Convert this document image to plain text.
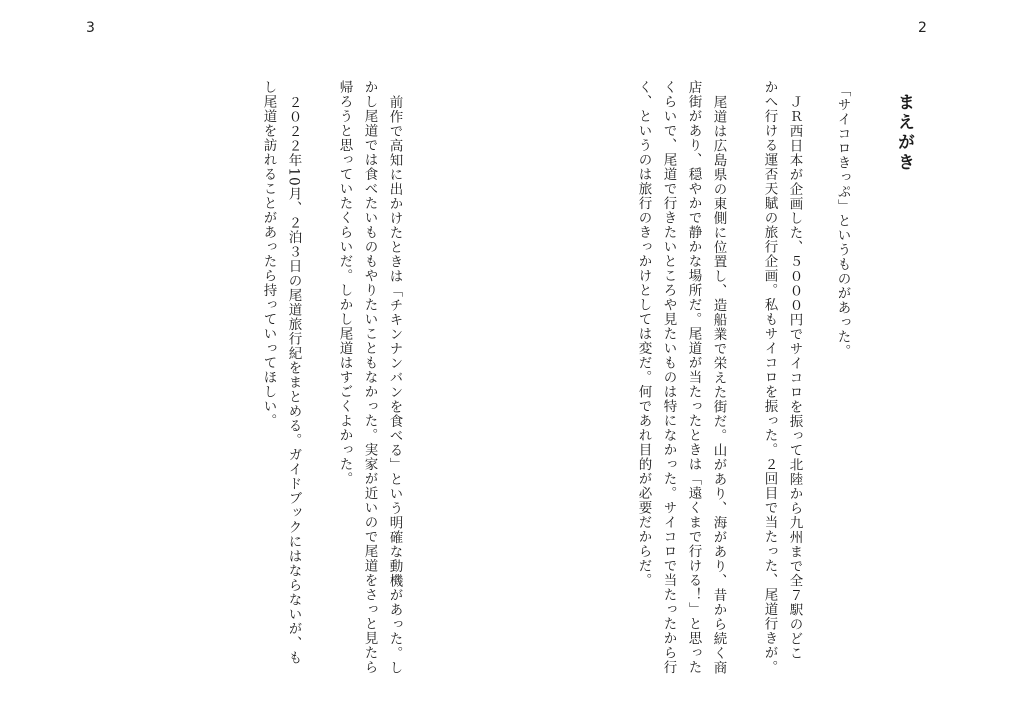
3	2
まえがき
「サイコロきっぷ」というものがあった。
ＪＲ西日本が企画した、５０００円でサイコロを振って北陸から九州まで全７駅のどこ
かへ行ける運否天賦の旅行企画。私もサイコロを振った。２回目で当たった、尾道行きが。
尾道は広島県の東側に位置し、造船業で栄えた街だ。山があり、海があり、昔から続く商
店街があり、穏やかで静かな場所だ。尾道が当たったときは「遠くまで行ける！」と思った
くらいで、尾道で行きたいところや見たいものは特になかった。サイコロで当たったから行
く、というのは旅行のきっかけとしては変だ。何であれ目的が必要だからだ。
前作で高知に出かけたときは「チキンナンバンを食べる」という明確な動機があった。し
かし尾道では食べたいものもやりたいこともなかった。実家が近いので尾道をさっと見たら
帰ろうと思っていたくらいだ。しかし尾道はすごくよかった。
２０２２年10月、２泊３日の尾道旅行紀をまとめる。ガイドブックにはならないが、も
し尾道を訪れることがあったら持っていってほしい。
